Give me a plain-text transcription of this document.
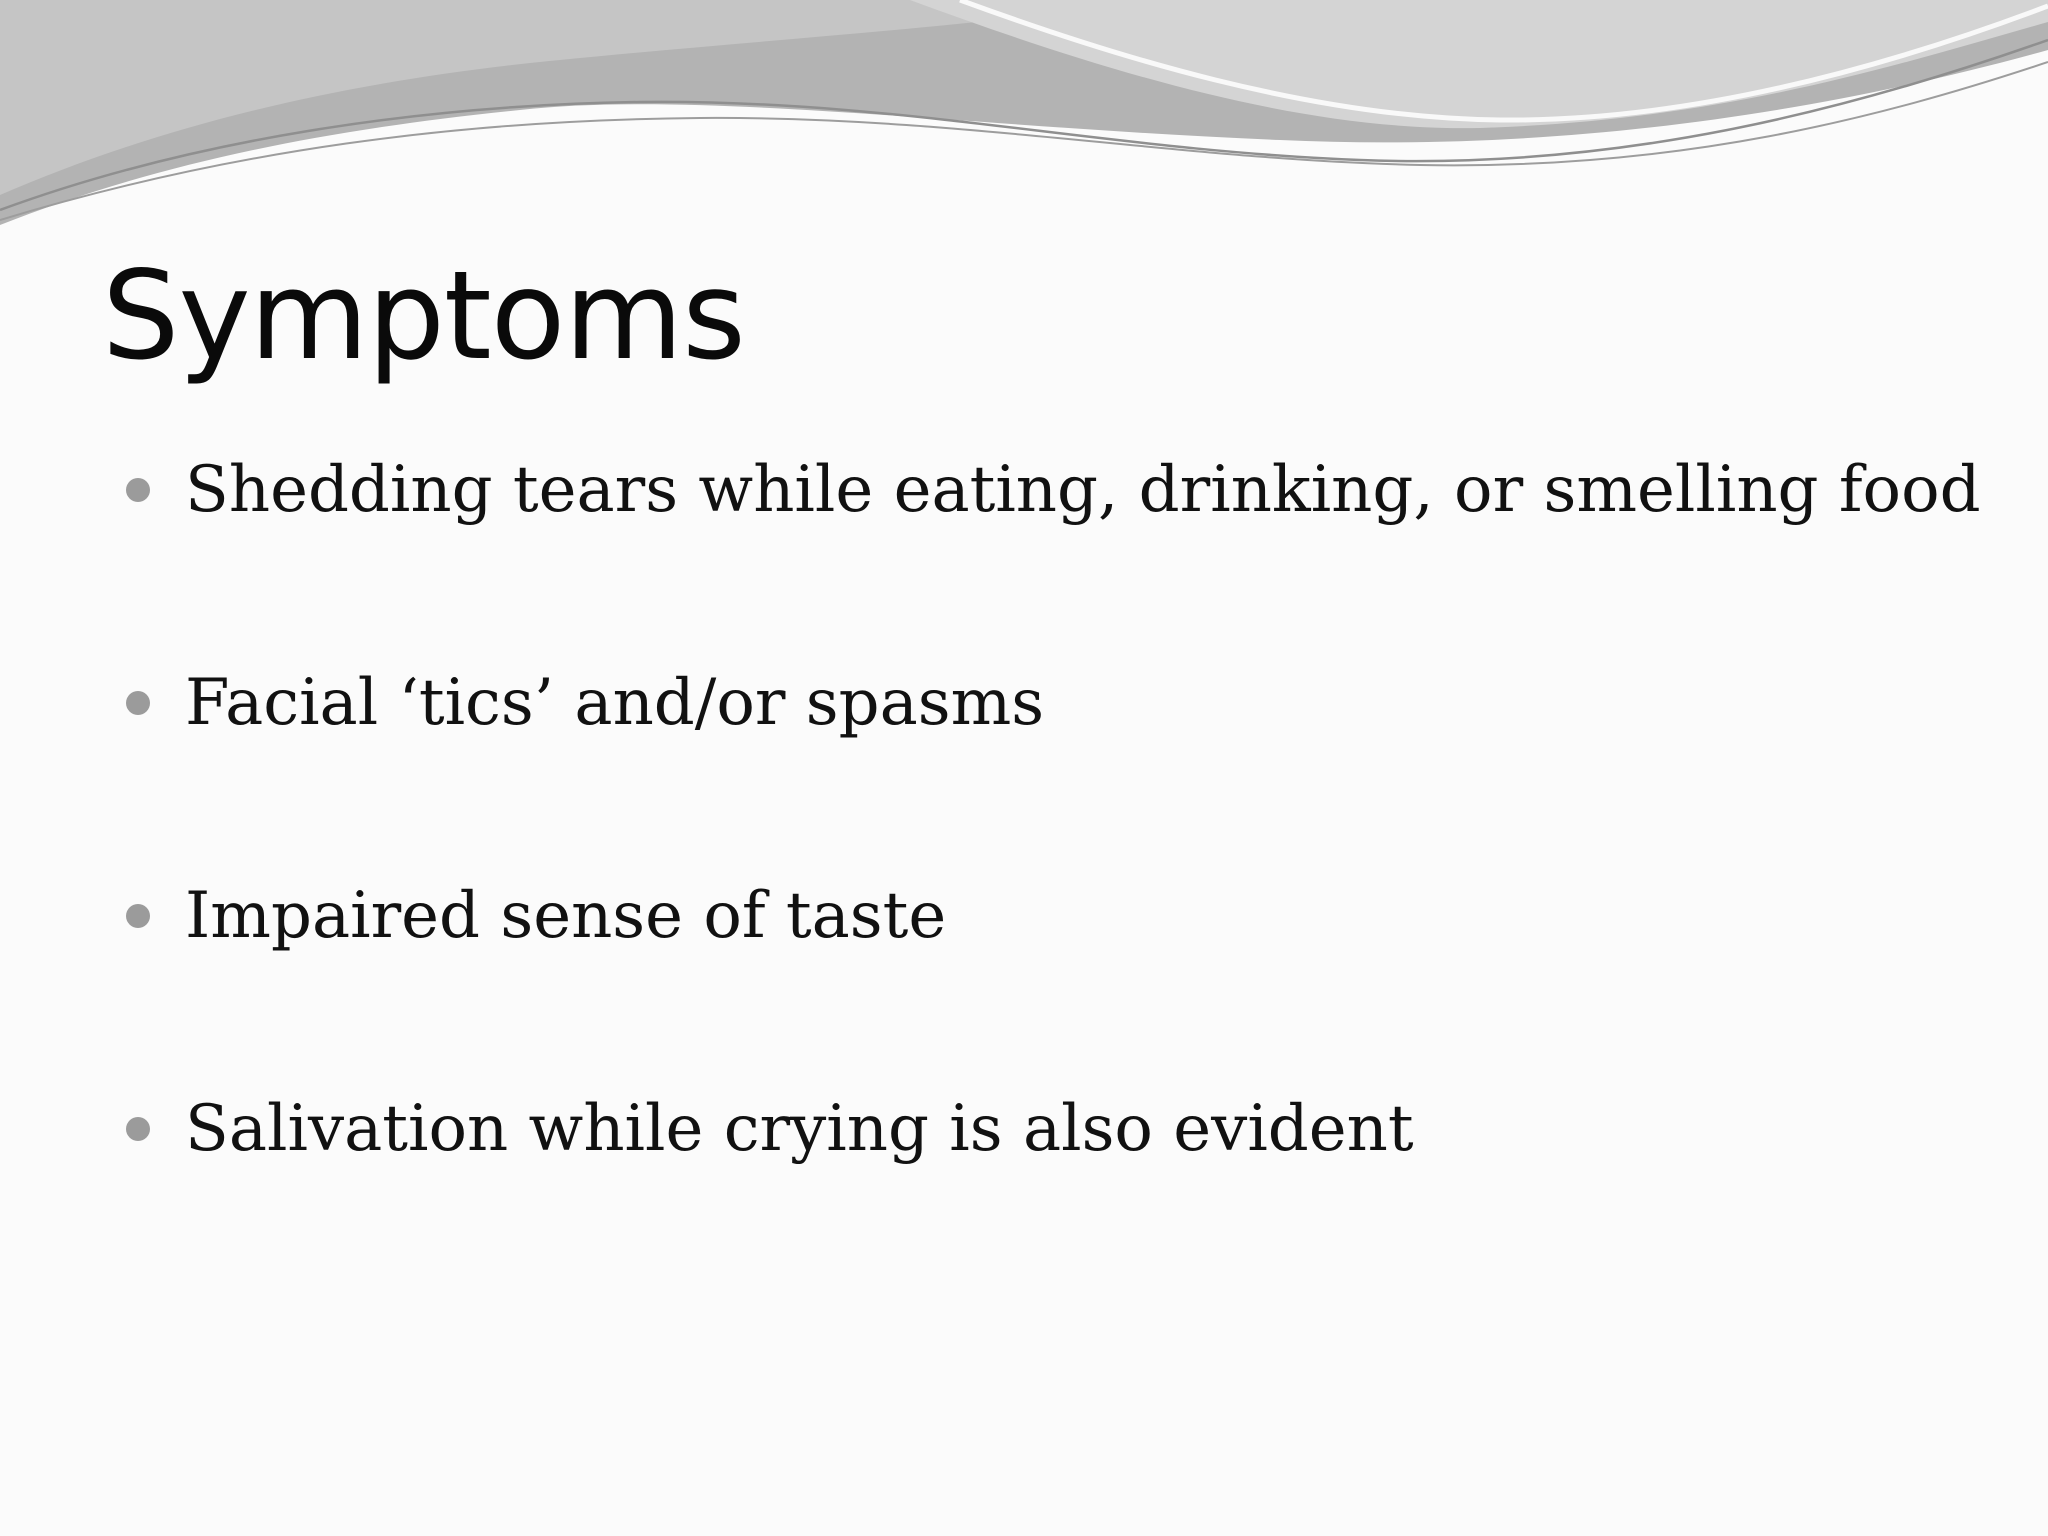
Symptoms
Shedding tears while eating, drinking, or smelling food
Facial ‘tics’ and/or spasms
Impaired sense of taste
Salivation while crying is also evident
